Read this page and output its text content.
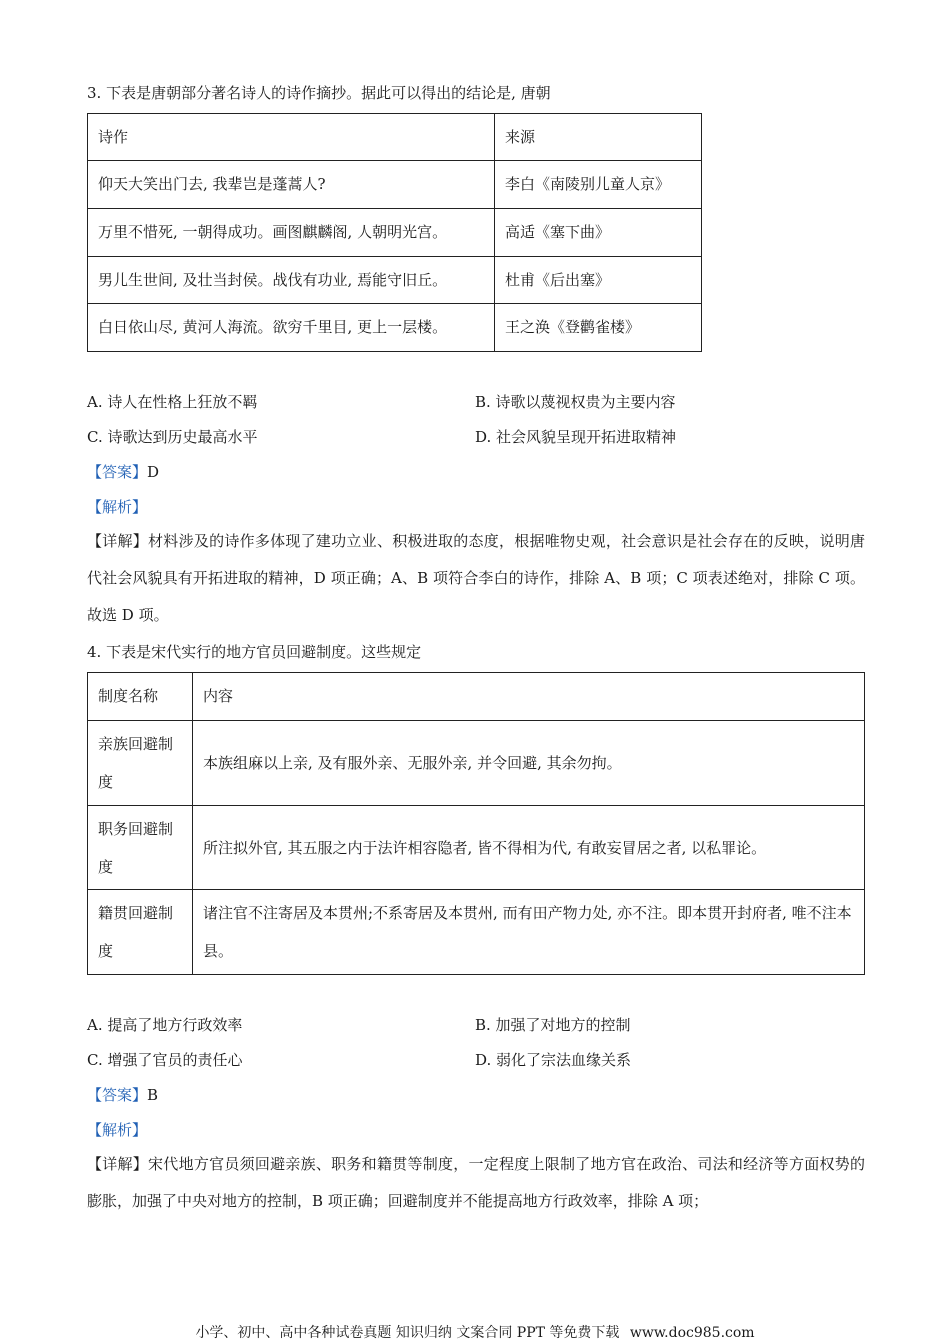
3. 下表是唐朝部分著名诗人的诗作摘抄。据此可以得出的结论是, 唐朝
诗作	来源
仰天大笑出门去, 我辈岂是蓬蒿人?	李白《南陵别儿童人京》
万里不惜死, 一朝得成功。画图麒麟阁, 人朝明光宫。	高适《塞下曲》
男儿生世间, 及壮当封侯。战伐有功业, 焉能守旧丘。	杜甫《后出塞》
白日依山尽, 黄河人海流。欲穷千里目, 更上一层楼。	王之涣《登鹳雀楼》
A. 诗人在性格上狂放不羁	B. 诗歌以蔑视权贵为主要内容
C. 诗歌达到历史最高水平	D. 社会风貌呈现开拓进取精神
【答案】D
【解析】
【详解】材料涉及的诗作多体现了建功立业、积极进取的态度，根据唯物史观，社会意识是社会存在的反映，说明唐代社会风貌具有开拓进取的精神，D 项正确；A、B 项符合李白的诗作，排除 A、B 项；C 项表述绝对，排除 C 项。故选 D 项。
4. 下表是宋代实行的地方官员回避制度。这些规定
制度名称	内容
亲族回避制度	本族组麻以上亲, 及有服外亲、无服外亲, 并令回避, 其余勿拘。
职务回避制度	所注拟外官, 其五服之内于法许相容隐者, 皆不得相为代, 有敢妄冒居之者, 以私罪论。
籍贯回避制度	诸注官不注寄居及本贯州;不系寄居及本贯州, 而有田产物力处, 亦不注。即本贯开封府者, 唯不注本县。
A. 提高了地方行政效率	B. 加强了对地方的控制
C. 增强了官员的责任心	D. 弱化了宗法血缘关系
【答案】B
【解析】
【详解】宋代地方官员须回避亲族、职务和籍贯等制度，一定程度上限制了地方官在政治、司法和经济等方面权势的膨胀，加强了中央对地方的控制，B 项正确；回避制度并不能提高地方行政效率，排除 A 项；
小学、初中、高中各种试卷真题 知识归纳 文案合同 PPT 等免费下载 www.doc985.com
